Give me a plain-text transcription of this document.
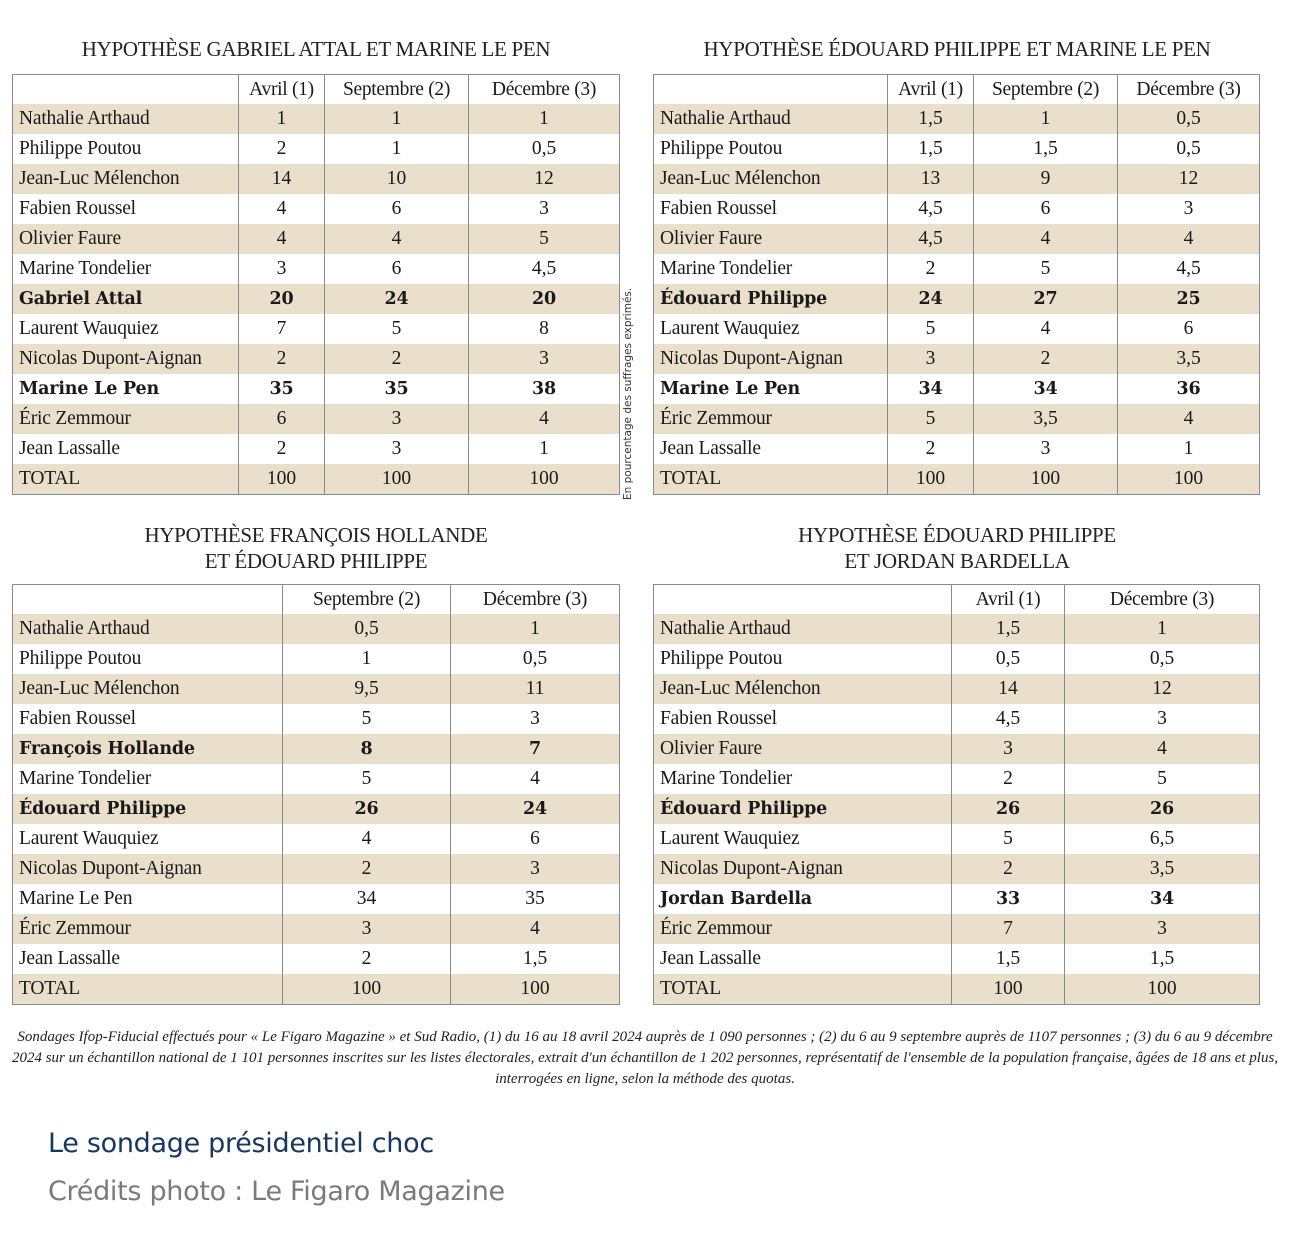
HYPOTHÈSE GABRIEL ATTAL ET MARINE LE PEN
	Avril (1)	Septembre (2)	Décembre (3)
Nathalie Arthaud	1	1	1
Philippe Poutou	2	1	0,5
Jean-Luc Mélenchon	14	10	12
Fabien Roussel	4	6	3
Olivier Faure	4	4	5
Marine Tondelier	3	6	4,5
Gabriel Attal	20	24	20
Laurent Wauquiez	7	5	8
Nicolas Dupont-Aignan	2	2	3
Marine Le Pen	35	35	38
Éric Zemmour	6	3	4
Jean Lassalle	2	3	1
TOTAL	100	100	100
HYPOTHÈSE ÉDOUARD PHILIPPE ET MARINE LE PEN
	Avril (1)	Septembre (2)	Décembre (3)
Nathalie Arthaud	1,5	1	0,5
Philippe Poutou	1,5	1,5	0,5
Jean-Luc Mélenchon	13	9	12
Fabien Roussel	4,5	6	3
Olivier Faure	4,5	4	4
Marine Tondelier	2	5	4,5
Édouard Philippe	24	27	25
Laurent Wauquiez	5	4	6
Nicolas Dupont-Aignan	3	2	3,5
Marine Le Pen	34	34	36
Éric Zemmour	5	3,5	4
Jean Lassalle	2	3	1
TOTAL	100	100	100
HYPOTHÈSE FRANÇOIS HOLLANDE
ET ÉDOUARD PHILIPPE
	Septembre (2)	Décembre (3)
Nathalie Arthaud	0,5	1
Philippe Poutou	1	0,5
Jean-Luc Mélenchon	9,5	11
Fabien Roussel	5	3
François Hollande	8	7
Marine Tondelier	5	4
Édouard Philippe	26	24
Laurent Wauquiez	4	6
Nicolas Dupont-Aignan	2	3
Marine Le Pen	34	35
Éric Zemmour	3	4
Jean Lassalle	2	1,5
TOTAL	100	100
HYPOTHÈSE ÉDOUARD PHILIPPE
ET JORDAN BARDELLA
	Avril (1)	Décembre (3)
Nathalie Arthaud	1,5	1
Philippe Poutou	0,5	0,5
Jean-Luc Mélenchon	14	12
Fabien Roussel	4,5	3
Olivier Faure	3	4
Marine Tondelier	2	5
Édouard Philippe	26	26
Laurent Wauquiez	5	6,5
Nicolas Dupont-Aignan	2	3,5
Jordan Bardella	33	34
Éric Zemmour	7	3
Jean Lassalle	1,5	1,5
TOTAL	100	100
En pourcentage des suffrages exprimés.
Sondages Ifop-Fiducial effectués pour « Le Figaro Magazine » et Sud Radio, (1) du 16 au 18 avril 2024 auprès de 1 090 personnes ; (2) du 6 au 9 septembre auprès de 1107 personnes ; (3) du 6 au 9 décembre 2024 sur un échantillon national de 1 101 personnes inscrites sur les listes électorales, extrait d'un échantillon de 1 202 personnes, représentatif de l'ensemble de la population française, âgées de 18 ans et plus, interrogées en ligne, selon la méthode des quotas.
Le sondage présidentiel choc
Crédits photo : Le Figaro Magazine
